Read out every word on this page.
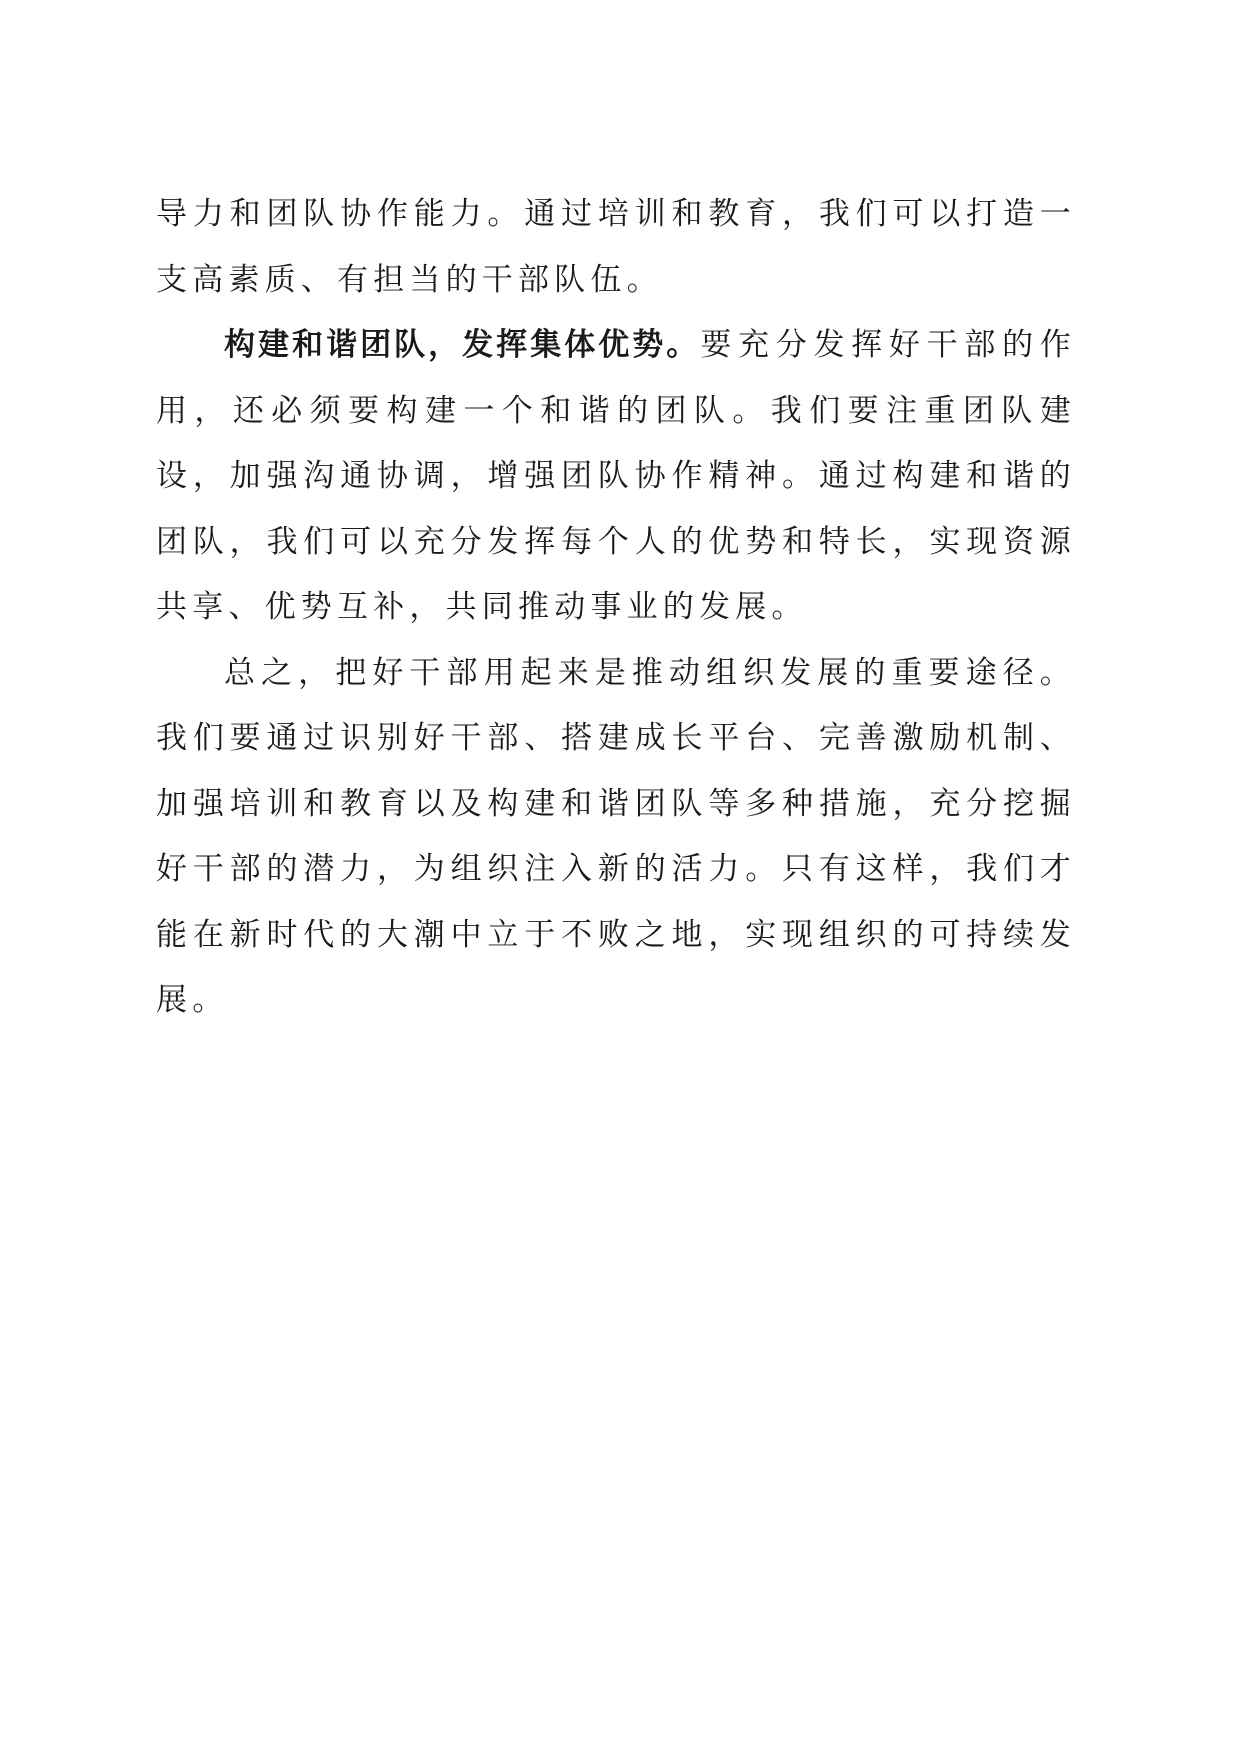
导力和团队协作能力。通过培训和教育，我们可以打造一支高素质、有担当的干部队伍。

构建和谐团队，发挥集体优势。要充分发挥好干部的作用，还必须要构建一个和谐的团队。我们要注重团队建设，加强沟通协调，增强团队协作精神。通过构建和谐的团队，我们可以充分发挥每个人的优势和特长，实现资源共享、优势互补，共同推动事业的发展。

总之，把好干部用起来是推动组织发展的重要途径。我们要通过识别好干部、搭建成长平台、完善激励机制、加强培训和教育以及构建和谐团队等多种措施，充分挖掘好干部的潜力，为组织注入新的活力。只有这样，我们才能在新时代的大潮中立于不败之地，实现组织的可持续发展。
